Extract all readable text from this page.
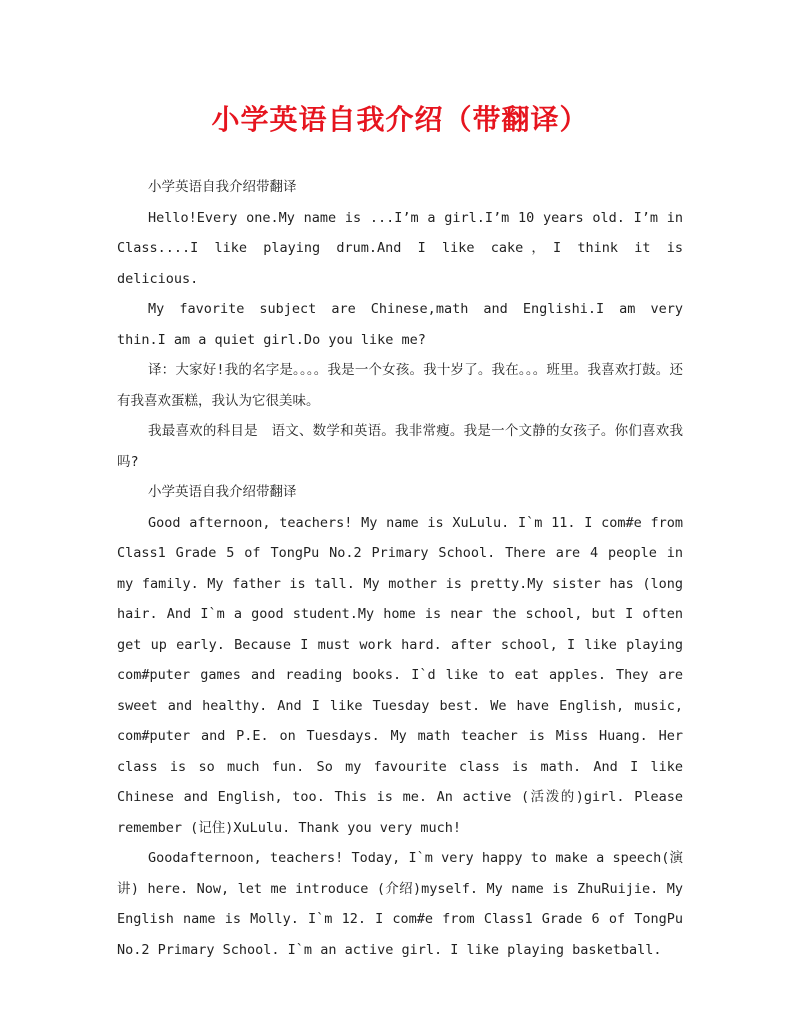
小学英语自我介绍（带翻译）

小学英语自我介绍带翻译

Hello!Every one.My name is ...I’m a girl.I’m 10 years old. I’m in Class....I like playing drum.And I like cake，I think it is delicious.

My favorite subject are Chinese,math and Englishi.I am very thin.I am a quiet girl.Do you like me?

译：大家好!我的名字是。。。。我是一个女孩。我十岁了。我在。。。班里。我喜欢打鼓。还有我喜欢蛋糕，我认为它很美味。

我最喜欢的科目是　语文、数学和英语。我非常瘦。我是一个文静的女孩子。你们喜欢我吗?

小学英语自我介绍带翻译

Good afternoon, teachers! My name is XuLulu. I`m 11. I com#e from Class1 Grade 5 of TongPu No.2 Primary School. There are 4 people in my family. My father is tall. My mother is pretty.My sister has (long hair. And I`m a good student.My home is near the school, but I often get up early. Because I must work hard. after school, I like playing com#puter games and reading books. I`d like to eat apples. They are sweet and healthy. And I like Tuesday best. We have English, music, com#puter and P.E. on Tuesdays. My math teacher is Miss Huang. Her class is so much fun. So my favourite class is math. And I like Chinese and English, too. This is me. An active (活泼的)girl. Please remember (记住)XuLulu. Thank you very much!

Goodafternoon, teachers! Today, I`m very happy to make a speech(演讲) here. Now, let me introduce (介绍)myself. My name is ZhuRuijie. My English name is Molly. I`m 12. I com#e from Class1 Grade 6 of TongPu No.2 Primary School. I`m an active girl. I like playing basketball.
